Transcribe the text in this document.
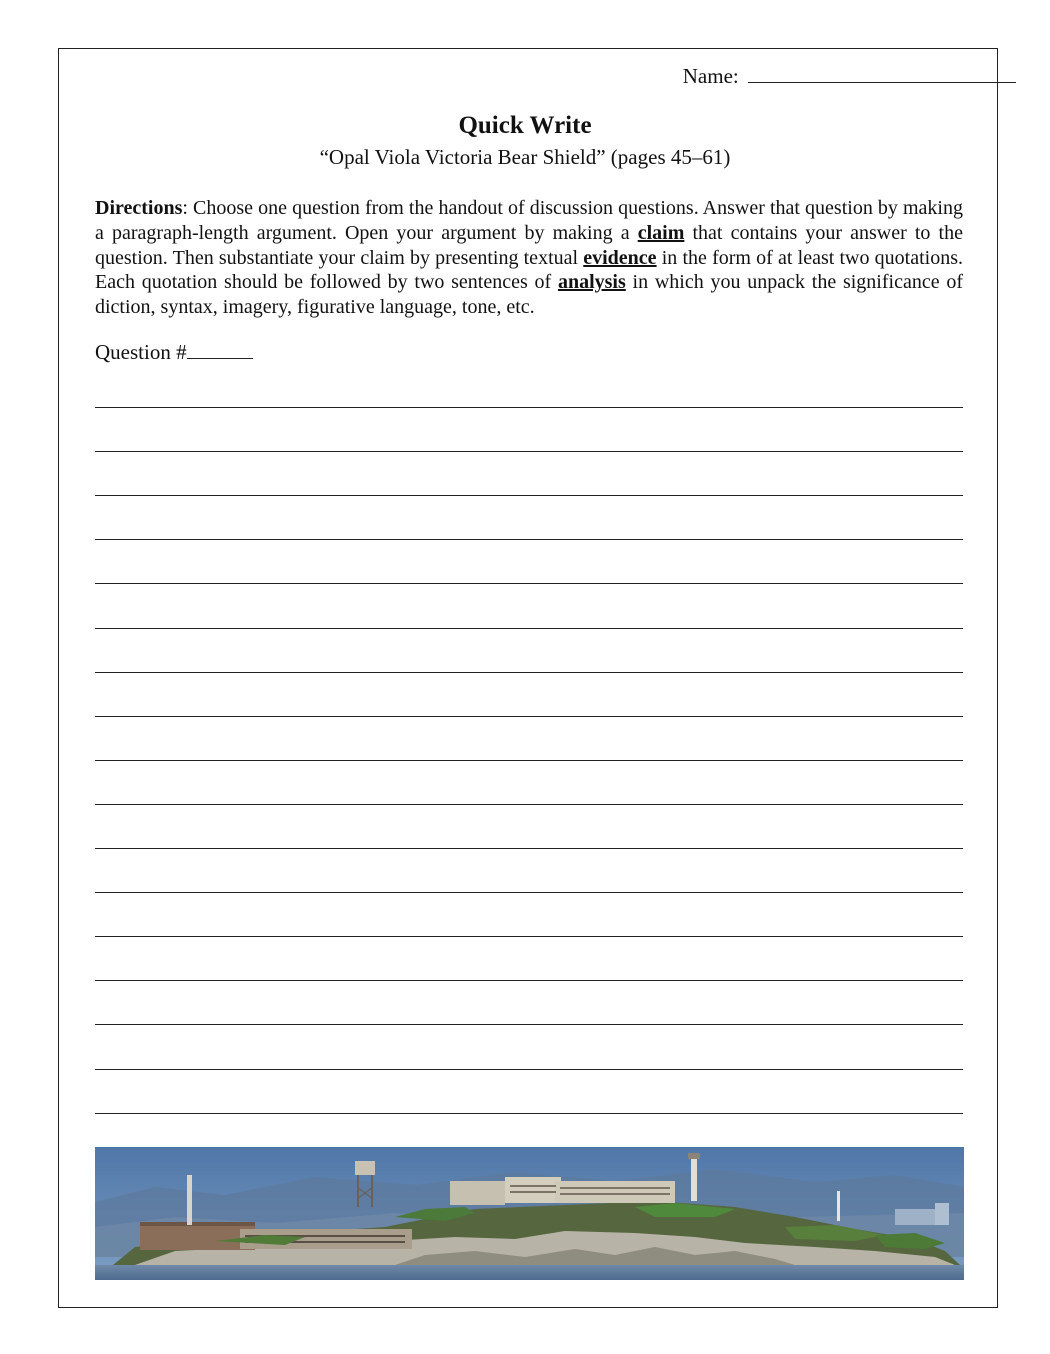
Name:
Quick Write
“Opal Viola Victoria Bear Shield” (pages 45–61)
Directions: Choose one question from the handout of discussion questions. Answer that question by making a paragraph-length argument. Open your argument by making a claim that contains your answer to the question. Then substantiate your claim by presenting textual evidence in the form of at least two quotations. Each quotation should be followed by two sentences of analysis in which you unpack the significance of diction, syntax, imagery, figurative language, tone, etc.
Question #
